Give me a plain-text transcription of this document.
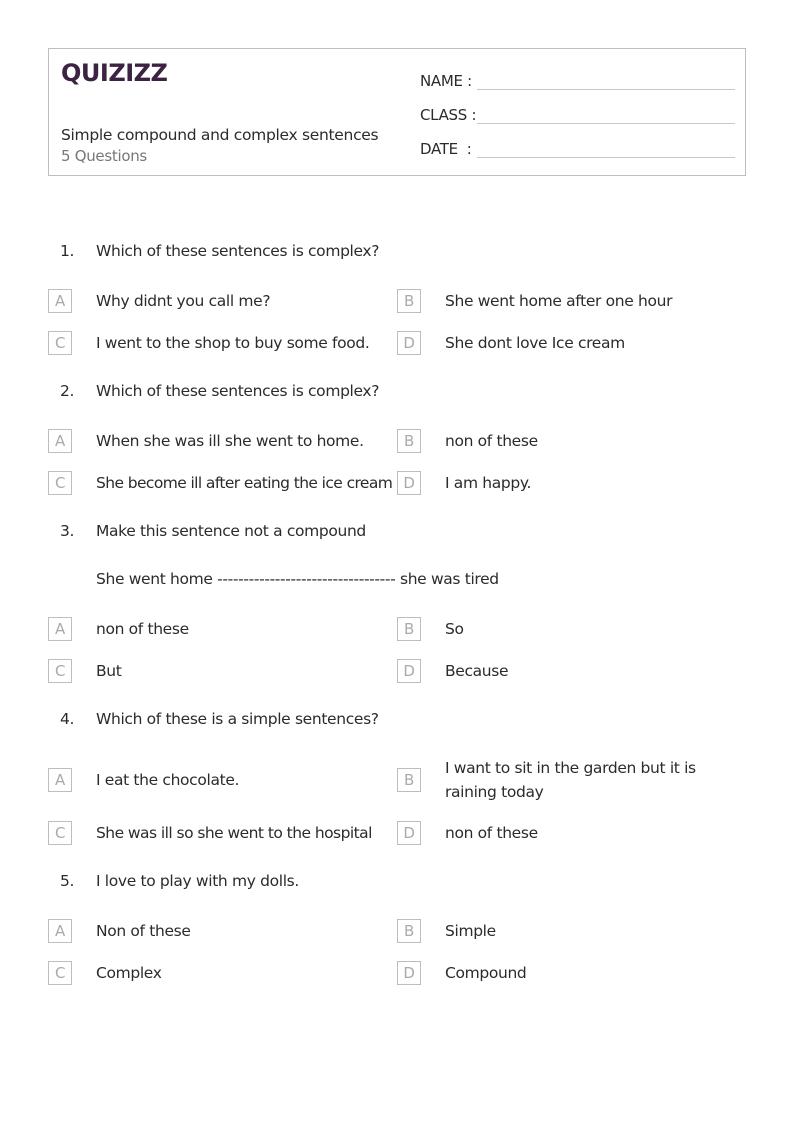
QUIZIZZ
Simple compound and complex sentences
5 Questions
NAME :
CLASS :
DATE  :
1. Which of these sentences is complex?
A	Why didnt you call me?	B	She went home after one hour
C	I went to the shop to buy some food.	D	She dont love Ice cream
2. Which of these sentences is complex?
A	When she was ill she went to home.	B	non of these
C	She become ill after eating the ice cream D	I am happy.
3. Make this sentence not a compound
She went home ---------------------------------- she was tired
A	non of these	B	So
C	But	D	Because
4. Which of these is a simple sentences?
A	I eat the chocolate.	B
I want to sit in the garden but it is raining today
C	She was ill so she went to the hospital	D	non of these
5. I love to play with my dolls.
A	Non of these	B	Simple
C	Complex	D	Compound
